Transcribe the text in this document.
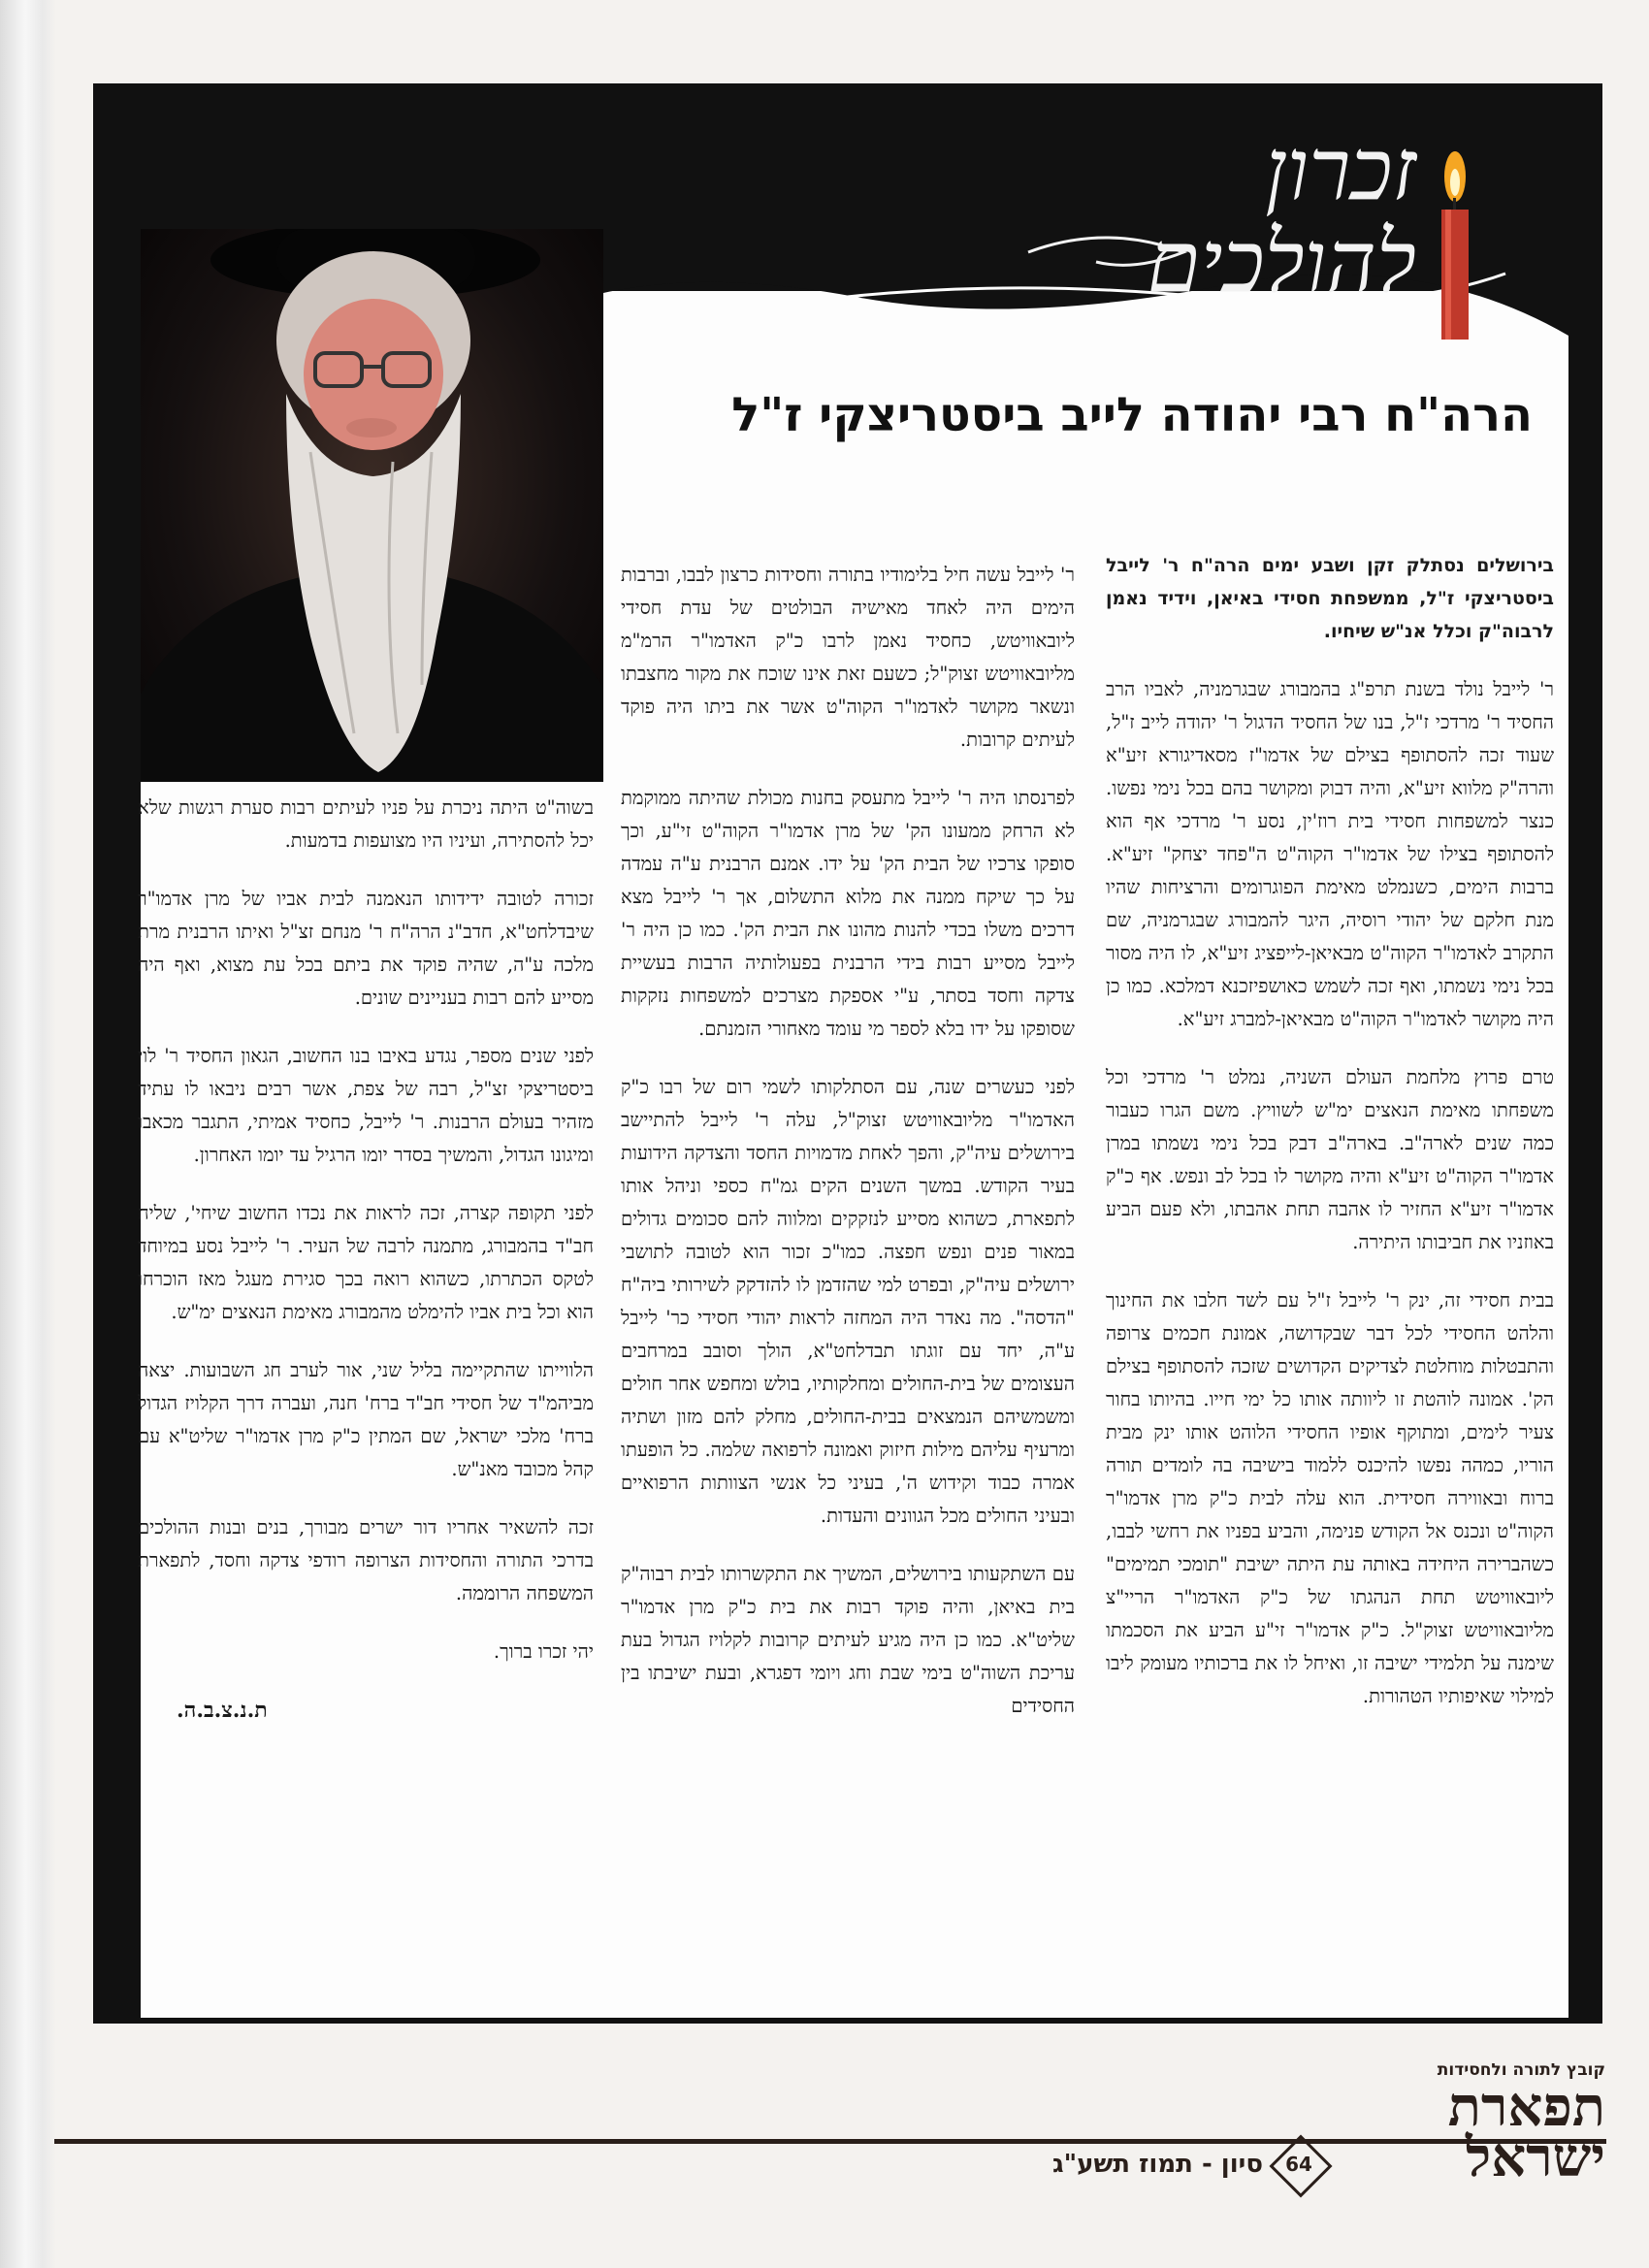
זכרון
להולכים
הרה"ח רבי יהודה לייב ביסטריצקי ז"ל

בירושלים נסתלק זקן ושבע ימים הרה"ח ר' לייבל ביסטריצקי ז"ל, ממשפחת חסידי באיאן, וידיד נאמן לרבוה"ק וכלל אנ"ש שיחיו.

ר' לייבל נולד בשנת תרפ"ג בהמבורג שבגרמניה, לאביו הרב החסיד ר' מרדכי ז"ל, בנו של החסיד הדגול ר' יהודה לייב ז"ל, שעוד זכה להסתופף בצילם של אדמו"ז מסאדיגורא זיע"א והרה"ק מלווא זיע"א, והיה דבוק ומקושר בהם בכל נימי נפשו. כנצר למשפחות חסידי בית רוז'ין, נסע ר' מרדכי אף הוא להסתופף בצילו של אדמו"ר הקוה"ט ה"פחד יצחק" זיע"א. ברבות הימים, כשנמלט מאימת הפוגרומים והרציחות שהיו מנת חלקם של יהודי רוסיה, היגר להמבורג שבגרמניה, שם התקרב לאדמו"ר הקוה"ט מבאיאן-לייפציג זיע"א, לו היה מסור בכל נימי נשמתו, ואף זכה לשמש כאושפיזכנא דמלכא. כמו כן היה מקושר לאדמו"ר הקוה"ט מבאיאן-למברג זיע"א.

טרם פרוץ מלחמת העולם השניה, נמלט ר' מרדכי וכל משפחתו מאימת הנאצים ימ"ש לשוויץ. משם הגרו כעבור כמה שנים לארה"ב. בארה"ב דבק בכל נימי נשמתו במרן אדמו"ר הקוה"ט זיע"א והיה מקושר לו בכל לב ונפש. אף כ"ק אדמו"ר זיע"א החזיר לו אהבה תחת אהבתו, ולא פעם הביע באוזניו את חביבותו היתירה.

בבית חסידי זה, ינק ר' לייבל ז"ל עם לשד חלבו את החינוך והלהט החסידי לכל דבר שבקדושה, אמונת חכמים צרופה והתבטלות מוחלטת לצדיקים הקדושים שזכה להסתופף בצילם הק'. אמונה לוהטת זו ליוותה אותו כל ימי חייו. בהיותו בחור צעיר לימים, ומתוקף אופיו החסידי הלוהט אותו ינק מבית הוריו, כמהה נפשו להיכנס ללמוד בישיבה בה לומדים תורה ברוח ובאווירה חסידית. הוא עלה לבית כ"ק מרן אדמו"ר הקוה"ט ונכנס אל הקודש פנימה, והביע בפניו את רחשי לבבו, כשהברירה היחידה באותה עת היתה ישיבת "תומכי תמימים" ליובאוויטש תחת הנהגתו של כ"ק האדמו"ר הריי"צ מליובאוויטש זצוק"ל. כ"ק אדמו"ר זי"ע הביע את הסכמתו שימנה על תלמידי ישיבה זו, ואיחל לו את ברכותיו מעומק ליבו למילוי שאיפותיו הטהורות.

ר' לייבל עשה חיל בלימודיו בתורה וחסידות כרצון לבבו, וברבות הימים היה לאחד מאישיה הבולטים של עדת חסידי ליובאוויטש, כחסיד נאמן לרבו כ"ק האדמו"ר הרמ"מ מליובאוויטש זצוק"ל; כשעם זאת אינו שוכח את מקור מחצבתו ונשאר מקושר לאדמו"ר הקוה"ט אשר את ביתו היה פוקד לעיתים קרובות.

לפרנסתו היה ר' לייבל מתעסק בחנות מכולת שהיתה ממוקמת לא הרחק ממעונו הק' של מרן אדמו"ר הקוה"ט זי"ע, וכך סופקו צרכיו של הבית הק' על ידו. אמנם הרבנית ע"ה עמדה על כך שיקח ממנה את מלוא התשלום, אך ר' לייבל מצא דרכים משלו בכדי להנות מהונו את הבית הק'. כמו כן היה ר' לייבל מסייע רבות בידי הרבנית בפעולותיה הרבות בעשיית צדקה וחסד בסתר, ע"י אספקת מצרכים למשפחות נזקקות שסופקו על ידו בלא לספר מי עומד מאחורי הזמנתם.

לפני כעשרים שנה, עם הסתלקותו לשמי רום של רבו כ"ק האדמו"ר מליובאוויטש זצוק"ל, עלה ר' לייבל להתיישב בירושלים עיה"ק, והפך לאחת מדמויות החסד והצדקה הידועות בעיר הקודש. במשך השנים הקים גמ"ח כספי וניהל אותו לתפארת, כשהוא מסייע לנזקקים ומלווה להם סכומים גדולים במאור פנים ונפש חפצה. כמו"כ זכור הוא לטובה לתושבי ירושלים עיה"ק, ובפרט למי שהזדמן לו להזדקק לשירותי ביה"ח "הדסה". מה נאדר היה המחזה לראות יהודי חסידי כר' לייבל ע"ה, יחד עם זוגתו תבדלחט"א, הולך וסובב במרחבים העצומים של בית-החולים ומחלקותיו, בולש ומחפש אחר חולים ומשמשיהם הנמצאים בבית-החולים, מחלק להם מזון ושתיה ומרעיף עליהם מילות חיזוק ואמונה לרפואה שלמה. כל הופעתו אמרה כבוד וקידוש ה', בעיני כל אנשי הצוותות הרפואיים ובעיני החולים מכל הגוונים והעדות.

עם השתקעותו בירושלים, המשיך את התקשרותו לבית רבוה"ק בית באיאן, והיה פוקד רבות את בית כ"ק מרן אדמו"ר שליט"א. כמו כן היה מגיע לעיתים קרובות לקלויז הגדול בעת עריכת השוה"ט בימי שבת וחג ויומי דפגרא, ובעת ישיבתו בין החסידים

בשוה"ט היתה ניכרת על פניו לעיתים רבות סערת רגשות שלא יכל להסתירה, ועיניו היו מצועפות בדמעות.

זכורה לטובה ידידותו הנאמנה לבית אביו של מרן אדמו"ר שיבדלחט"א, חדב"נ הרה"ח ר' מנחם זצ"ל ואיתו הרבנית מרת מלכה ע"ה, שהיה פוקד את ביתם בכל עת מצוא, ואף היה מסייע להם רבות בעניינים שונים.

לפני שנים מספר, נגדע באיבו בנו החשוב, הגאון החסיד ר' לוי ביסטריצקי זצ"ל, רבה של צפת, אשר רבים ניבאו לו עתיד מזהיר בעולם הרבנות. ר' לייבל, כחסיד אמיתי, התגבר מכאבו ומיגונו הגדול, והמשיך בסדר יומו הרגיל עד יומו האחרון.

לפני תקופה קצרה, זכה לראות את נכדו החשוב שיחי', שליח חב"ד בהמבורג, מתמנה לרבה של העיר. ר' לייבל נסע במיוחד לטקס הכתרתו, כשהוא רואה בכך סגירת מעגל מאז הוכרחו הוא וכל בית אביו להימלט מהמבורג מאימת הנאצים ימ"ש.

הלווייתו שהתקיימה בליל שני, אור לערב חג השבועות. יצאה מביהמ"ד של חסידי חב"ד ברח' חנה, ועברה דרך הקלויז הגדול ברח' מלכי ישראל, שם המתין כ"ק מרן אדמו"ר שליט"א עם קהל מכובד מאנ"ש.

זכה להשאיר אחריו דור ישרים מבורך, בנים ובנות ההולכים בדרכי התורה והחסידות הצרופה רודפי צדקה וחסד, לתפארת המשפחה הרוממה.

יהי זכרו ברוך.

ת.נ.צ.ב.ה.

64
סיון - תמוז תשע"ג
קובץ לתורה ולחסידות
תפארת
ישראל
